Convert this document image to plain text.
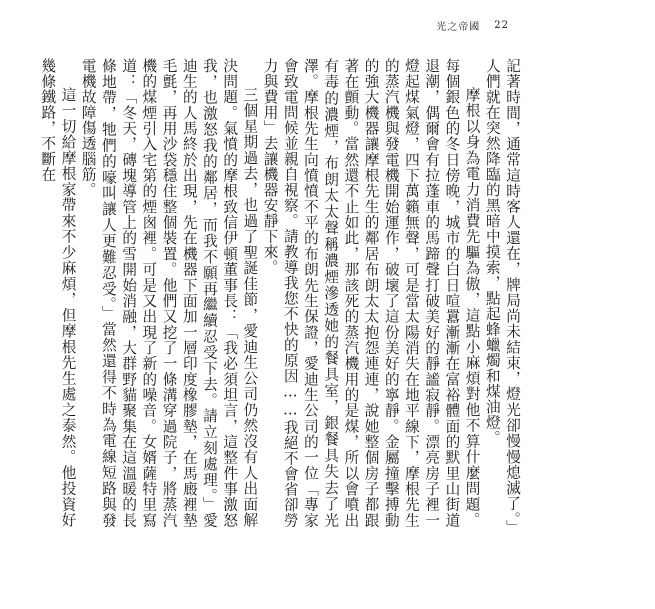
光之帝國 22

記著時間，通常這時客人還在，牌局尚未結束，燈光卻慢慢熄滅了。」人們就在突然降臨的黑暗中摸索，點起蜂蠟燭和煤油燈。

摩根以身為電力消費先驅為傲，這點小麻煩對他不算什麼問題。每個銀色的冬日傍晚，城市的白日喧囂漸漸在富裕體面的默里山街道退潮，偶爾會有拉蓬車的馬蹄聲打破美好的靜謐寂靜。漂亮房子裡一燈起煤氣燈，四下萬籟無聲，可是當太陽消失在地平線下，摩根先生的蒸汽機與發電機開始運作，破壞了這份美好的寧靜。金屬撞擊搏動的強大機器讓摩根先生的鄰居布朗太太抱怨連連，說她整個房子都跟著在顫動。當然還不止如此，那該死的蒸汽機用的是煤，所以會噴出有毒的濃煙，布朗太太聲稱濃煙滲透她的餐具室，銀餐具失去了光澤。摩根先生向憤憤不平的布朗先生保證，愛迪生公司的一位「專家會致電問候並親自視察。請教導我您不快的原因……我絕不會省卻勞力與費用」去讓機器安靜下來。

三個星期過去，也過了聖誕佳節，愛迪生公司仍然沒有人出面解決問題。氣憤的摩根致信伊頓董事長：「我必須坦言，這整件事激怒我，也激怒我的鄰居，而我不願再繼續忍受下去。請立刻處理。」愛迪生的人馬終於出現，先在機器下面加一層印度橡膠墊，在馬廄裡墊毛氈，再用沙袋穩住整個裝置。他們又挖了一條溝穿過院子，將蒸汽機的煤煙引入宅第的煙囪裡。可是又出現了新的噪音。女婿薩特里寫道：「冬天，磚塊導管上的雪開始消融，大群野貓聚集在這溫暖的長條地帶，牠們的嚎叫讓人更難忍受。」當然還得不時為電線短路與發電機故障傷透腦筋。

這一切給摩根家帶來不少麻煩，但摩根先生處之泰然。他投資好幾條鐵路，不斷在
